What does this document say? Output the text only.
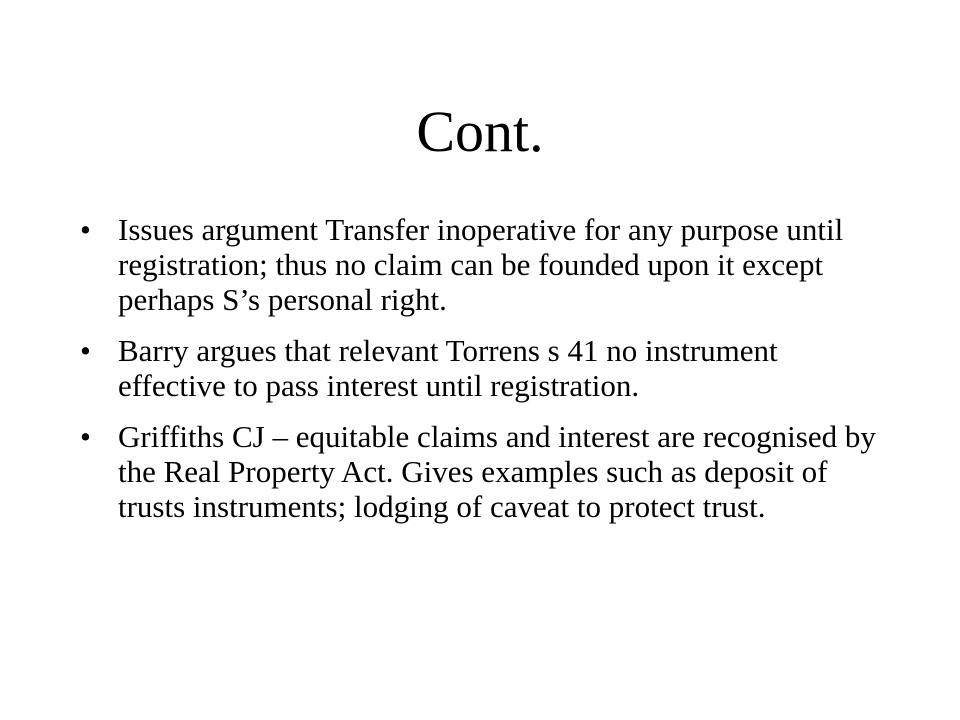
Cont.
• Issues argument Transfer inoperative for any purpose until registration; thus no claim can be founded upon it except perhaps S’s personal right.
• Barry argues that relevant Torrens s 41 no instrument effective to pass interest until registration.
• Griffiths CJ – equitable claims and interest are recognised by the Real Property Act. Gives examples such as deposit of trusts instruments; lodging of caveat to protect trust.
